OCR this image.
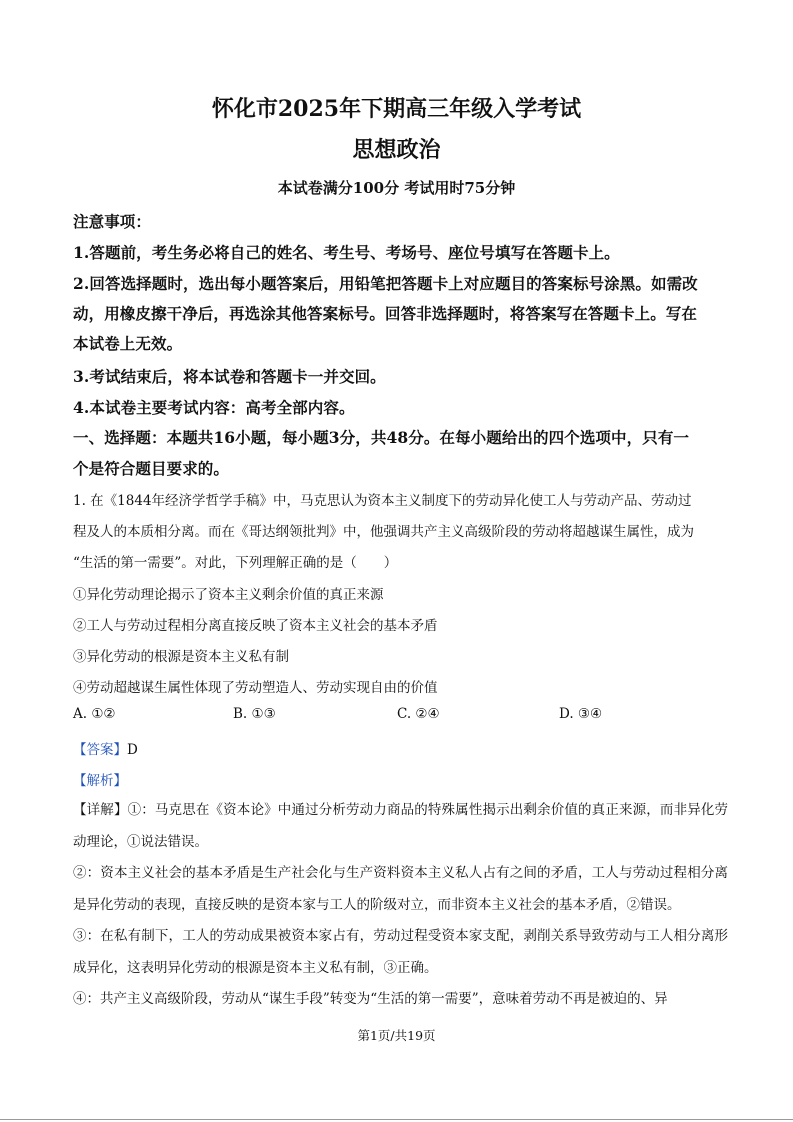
怀化市2025年下期高三年级入学考试
思想政治
本试卷满分100分 考试用时75分钟
注意事项：
1.答题前，考生务必将自己的姓名、考生号、考场号、座位号填写在答题卡上。
2.回答选择题时，选出每小题答案后，用铅笔把答题卡上对应题目的答案标号涂黑。如需改
动，用橡皮擦干净后，再选涂其他答案标号。回答非选择题时，将答案写在答题卡上。写在
本试卷上无效。
3.考试结束后，将本试卷和答题卡一并交回。
4.本试卷主要考试内容：高考全部内容。
一、选择题：本题共16小题，每小题3分，共48分。在每小题给出的四个选项中，只有一
个是符合题目要求的。
1. 在《1844年经济学哲学手稿》中，马克思认为资本主义制度下的劳动异化使工人与劳动产品、劳动过
程及人的本质相分离。而在《哥达纲领批判》中，他强调共产主义高级阶段的劳动将超越谋生属性，成为
“生活的第一需要”。对此，下列理解正确的是（　　）
①异化劳动理论揭示了资本主义剩余价值的真正来源
②工人与劳动过程相分离直接反映了资本主义社会的基本矛盾
③异化劳动的根源是资本主义私有制
④劳动超越谋生属性体现了劳动塑造人、劳动实现自由的价值
A. ①②	B. ①③	C. ②④	D. ③④
【答案】D
【解析】
【详解】①：马克思在《资本论》中通过分析劳动力商品的特殊属性揭示出剩余价值的真正来源，而非异化劳动理论，①说法错误。
②：资本主义社会的基本矛盾是生产社会化与生产资料资本主义私人占有之间的矛盾，工人与劳动过程相分离是异化劳动的表现，直接反映的是资本家与工人的阶级对立，而非资本主义社会的基本矛盾，②错误。
③：在私有制下，工人的劳动成果被资本家占有，劳动过程受资本家支配，剥削关系导致劳动与工人相分离形成异化，这表明异化劳动的根源是资本主义私有制，③正确。
④：共产主义高级阶段，劳动从“谋生手段”转变为“生活的第一需要”，意味着劳动不再是被迫的、异
第1页/共19页
